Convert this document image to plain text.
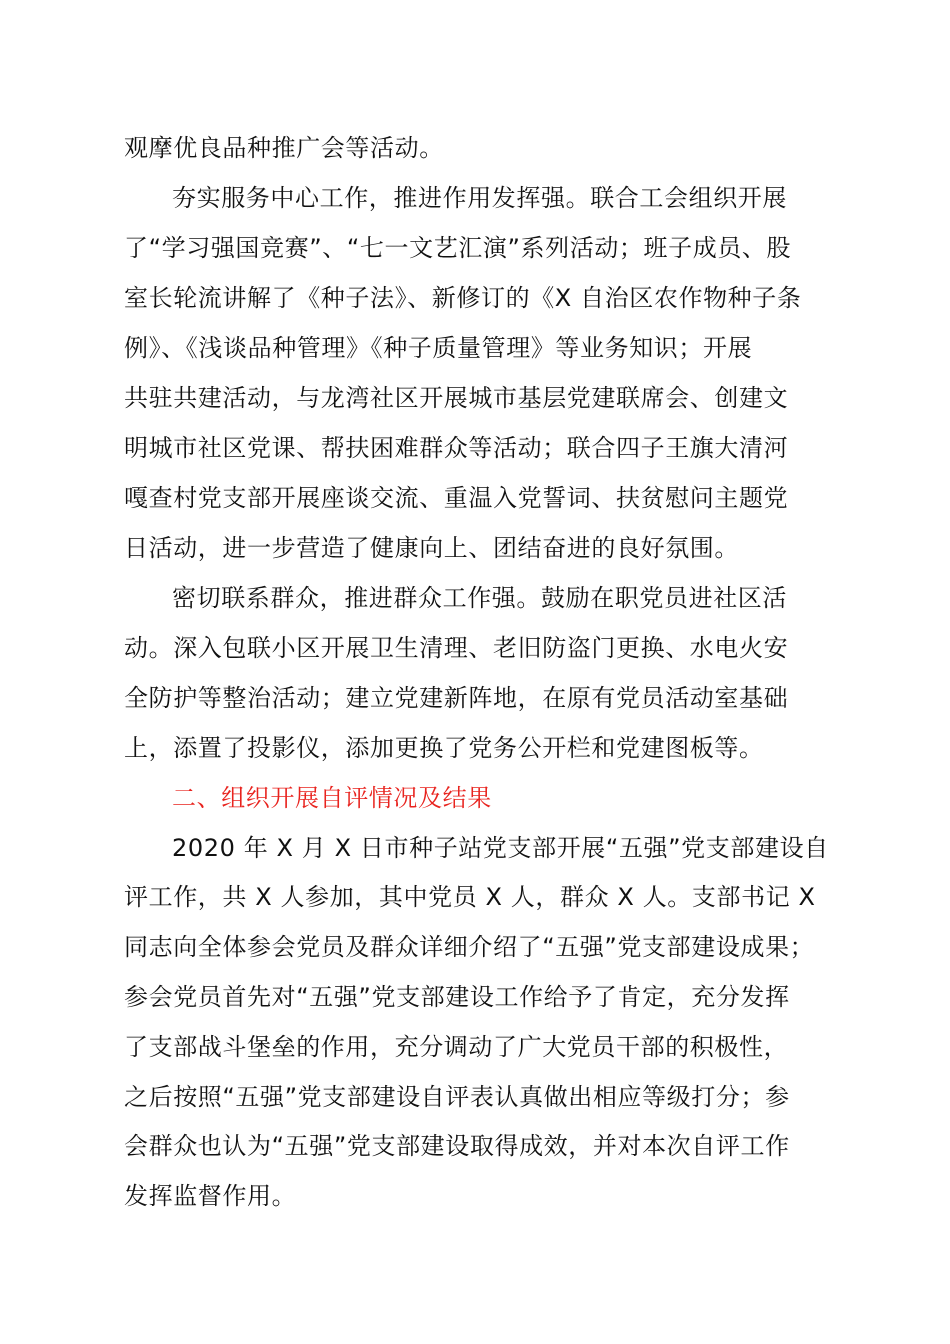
观摩优良品种推广会等活动。
夯实服务中心工作，推进作用发挥强。联合工会组织开展
了“学习强国竞赛”、“七一文艺汇演”系列活动；班子成员、股
室长轮流讲解了《种子法》、新修订的《X 自治区农作物种子条
例》、《浅谈品种管理》《种子质量管理》等业务知识；开展
共驻共建活动，与龙湾社区开展城市基层党建联席会、创建文
明城市社区党课、帮扶困难群众等活动；联合四子王旗大清河
嘎查村党支部开展座谈交流、重温入党誓词、扶贫慰问主题党
日活动，进一步营造了健康向上、团结奋进的良好氛围。
密切联系群众，推进群众工作强。鼓励在职党员进社区活
动。深入包联小区开展卫生清理、老旧防盗门更换、水电火安
全防护等整治活动；建立党建新阵地，在原有党员活动室基础
上，添置了投影仪，添加更换了党务公开栏和党建图板等。
二、组织开展自评情况及结果
2020 年 X 月 X 日市种子站党支部开展“五强”党支部建设自
评工作，共 X 人参加，其中党员 X 人，群众 X 人。支部书记 X
同志向全体参会党员及群众详细介绍了“五强”党支部建设成果；
参会党员首先对“五强”党支部建设工作给予了肯定，充分发挥
了支部战斗堡垒的作用，充分调动了广大党员干部的积极性，
之后按照“五强”党支部建设自评表认真做出相应等级打分；参
会群众也认为“五强”党支部建设取得成效，并对本次自评工作
发挥监督作用。
